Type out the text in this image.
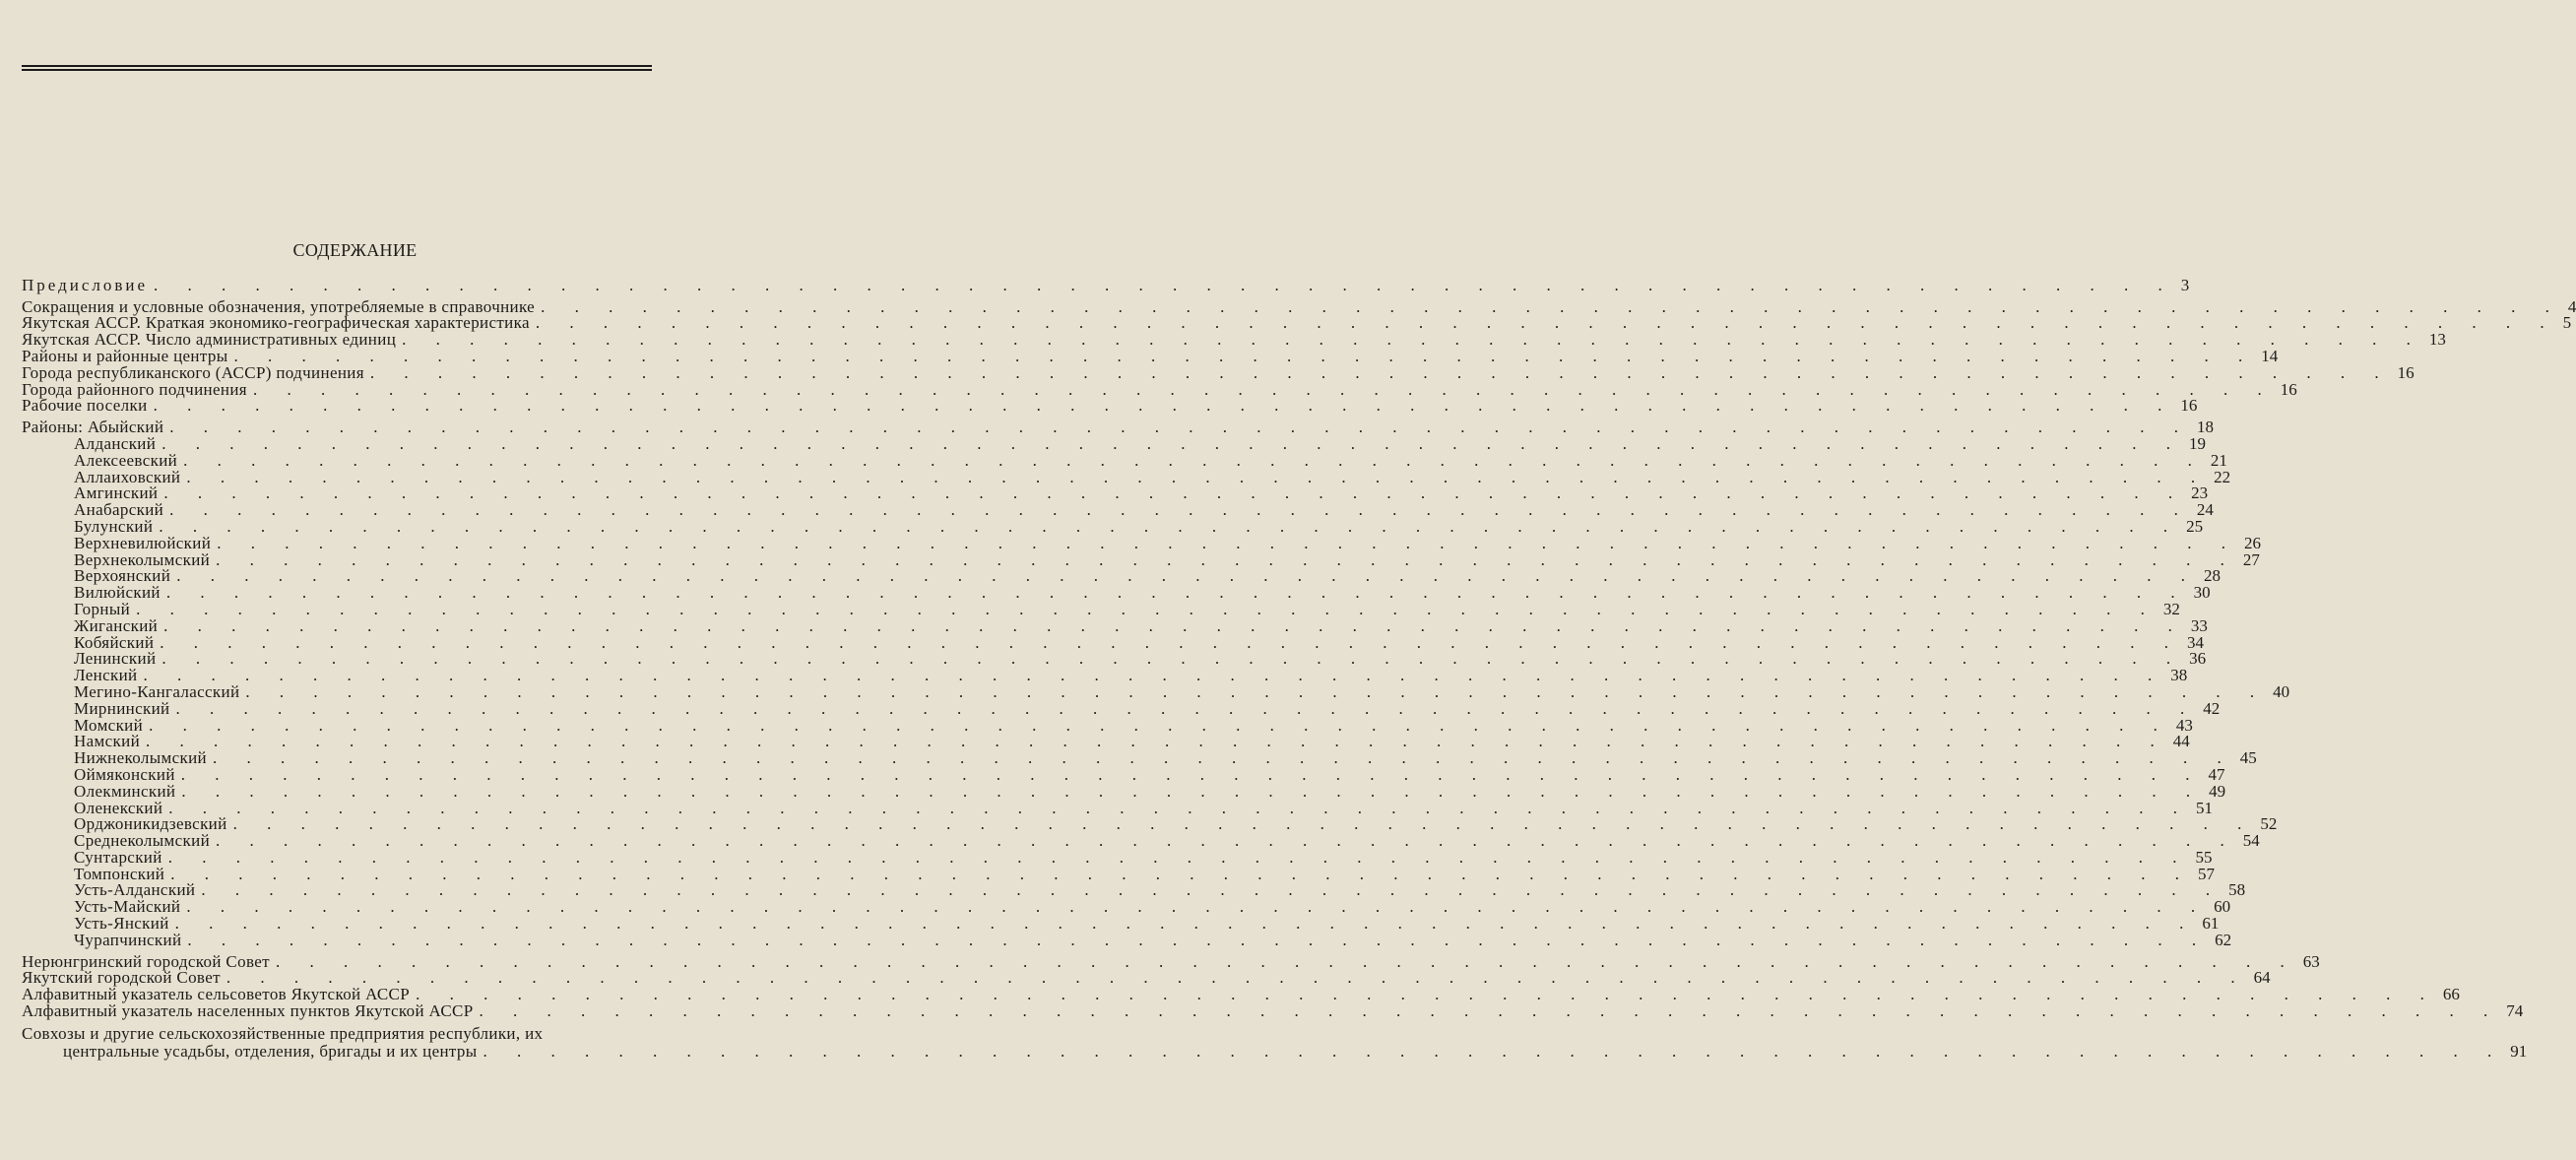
СОДЕРЖАНИЕ
Предисловие . . . . . . . . . . . . . . . . . . . . . . . . . . . . . . . . . . . . . . . . . . . . . . . . . . . . . . . . . . . . 3
Сокращения и условные обозначения, употребляемые в справочнике . . . . . . . . . . . . . . . . . . . . . . . . . . . . . . . . . . . . . . . . . . . . . . . . . . . . . . . . . . . . 4
Якутская АССР. Краткая экономико-географическая характеристика . . . . . . . . . . . . . . . . . . . . . . . . . . . . . . . . . . . . . . . . . . . . . . . . . . . . . . . . . . . . 5
Якутская АССР. Число административных единиц . . . . . . . . . . . . . . . . . . . . . . . . . . . . . . . . . . . . . . . . . . . . . . . . . . . . . . . . . . . . 13
Районы и районные центры . . . . . . . . . . . . . . . . . . . . . . . . . . . . . . . . . . . . . . . . . . . . . . . . . . . . . . . . . . . . 14
Города республиканского (АССР) подчинения . . . . . . . . . . . . . . . . . . . . . . . . . . . . . . . . . . . . . . . . . . . . . . . . . . . . . . . . . . . . 16
Города районного подчинения . . . . . . . . . . . . . . . . . . . . . . . . . . . . . . . . . . . . . . . . . . . . . . . . . . . . . . . . . . . . 16
Рабочие поселки . . . . . . . . . . . . . . . . . . . . . . . . . . . . . . . . . . . . . . . . . . . . . . . . . . . . . . . . . . . . 16
Районы: Абыйский . . . . . . . . . . . . . . . . . . . . . . . . . . . . . . . . . . . . . . . . . . . . . . . . . . . . . . . . . . . . 18
Алданский . . . . . . . . . . . . . . . . . . . . . . . . . . . . . . . . . . . . . . . . . . . . . . . . . . . . . . . . . . . . 19
Алексеевский . . . . . . . . . . . . . . . . . . . . . . . . . . . . . . . . . . . . . . . . . . . . . . . . . . . . . . . . . . . . 21
Аллаиховский . . . . . . . . . . . . . . . . . . . . . . . . . . . . . . . . . . . . . . . . . . . . . . . . . . . . . . . . . . . . 22
Амгинский . . . . . . . . . . . . . . . . . . . . . . . . . . . . . . . . . . . . . . . . . . . . . . . . . . . . . . . . . . . . 23
Анабарский . . . . . . . . . . . . . . . . . . . . . . . . . . . . . . . . . . . . . . . . . . . . . . . . . . . . . . . . . . . . 24
Булунский . . . . . . . . . . . . . . . . . . . . . . . . . . . . . . . . . . . . . . . . . . . . . . . . . . . . . . . . . . . . 25
Верхневилюйский . . . . . . . . . . . . . . . . . . . . . . . . . . . . . . . . . . . . . . . . . . . . . . . . . . . . . . . . . . . . 26
Верхнеколымский . . . . . . . . . . . . . . . . . . . . . . . . . . . . . . . . . . . . . . . . . . . . . . . . . . . . . . . . . . . . 27
Верхоянский . . . . . . . . . . . . . . . . . . . . . . . . . . . . . . . . . . . . . . . . . . . . . . . . . . . . . . . . . . . . 28
Вилюйский . . . . . . . . . . . . . . . . . . . . . . . . . . . . . . . . . . . . . . . . . . . . . . . . . . . . . . . . . . . . 30
Горный . . . . . . . . . . . . . . . . . . . . . . . . . . . . . . . . . . . . . . . . . . . . . . . . . . . . . . . . . . . . 32
Жиганский . . . . . . . . . . . . . . . . . . . . . . . . . . . . . . . . . . . . . . . . . . . . . . . . . . . . . . . . . . . . 33
Кобяйский . . . . . . . . . . . . . . . . . . . . . . . . . . . . . . . . . . . . . . . . . . . . . . . . . . . . . . . . . . . . 34
Ленинский . . . . . . . . . . . . . . . . . . . . . . . . . . . . . . . . . . . . . . . . . . . . . . . . . . . . . . . . . . . . 36
Ленский . . . . . . . . . . . . . . . . . . . . . . . . . . . . . . . . . . . . . . . . . . . . . . . . . . . . . . . . . . . . 38
Мегино-Кангаласский . . . . . . . . . . . . . . . . . . . . . . . . . . . . . . . . . . . . . . . . . . . . . . . . . . . . . . . . . . . . 40
Мирнинский . . . . . . . . . . . . . . . . . . . . . . . . . . . . . . . . . . . . . . . . . . . . . . . . . . . . . . . . . . . . 42
Момский . . . . . . . . . . . . . . . . . . . . . . . . . . . . . . . . . . . . . . . . . . . . . . . . . . . . . . . . . . . . 43
Намский . . . . . . . . . . . . . . . . . . . . . . . . . . . . . . . . . . . . . . . . . . . . . . . . . . . . . . . . . . . . 44
Нижнеколымский . . . . . . . . . . . . . . . . . . . . . . . . . . . . . . . . . . . . . . . . . . . . . . . . . . . . . . . . . . . . 45
Оймяконский . . . . . . . . . . . . . . . . . . . . . . . . . . . . . . . . . . . . . . . . . . . . . . . . . . . . . . . . . . . . 47
Олекминский . . . . . . . . . . . . . . . . . . . . . . . . . . . . . . . . . . . . . . . . . . . . . . . . . . . . . . . . . . . . 49
Оленекский . . . . . . . . . . . . . . . . . . . . . . . . . . . . . . . . . . . . . . . . . . . . . . . . . . . . . . . . . . . . 51
Орджоникидзевский . . . . . . . . . . . . . . . . . . . . . . . . . . . . . . . . . . . . . . . . . . . . . . . . . . . . . . . . . . . . 52
Среднеколымский . . . . . . . . . . . . . . . . . . . . . . . . . . . . . . . . . . . . . . . . . . . . . . . . . . . . . . . . . . . . 54
Сунтарский . . . . . . . . . . . . . . . . . . . . . . . . . . . . . . . . . . . . . . . . . . . . . . . . . . . . . . . . . . . . 55
Томпонский . . . . . . . . . . . . . . . . . . . . . . . . . . . . . . . . . . . . . . . . . . . . . . . . . . . . . . . . . . . . 57
Усть-Алданский . . . . . . . . . . . . . . . . . . . . . . . . . . . . . . . . . . . . . . . . . . . . . . . . . . . . . . . . . . . . 58
Усть-Майский . . . . . . . . . . . . . . . . . . . . . . . . . . . . . . . . . . . . . . . . . . . . . . . . . . . . . . . . . . . . 60
Усть-Янский . . . . . . . . . . . . . . . . . . . . . . . . . . . . . . . . . . . . . . . . . . . . . . . . . . . . . . . . . . . . 61
Чурапчинский . . . . . . . . . . . . . . . . . . . . . . . . . . . . . . . . . . . . . . . . . . . . . . . . . . . . . . . . . . . . 62
Нерюнгринский городской Совет . . . . . . . . . . . . . . . . . . . . . . . . . . . . . . . . . . . . . . . . . . . . . . . . . . . . . . . . . . . . 63
Якутский городской Совет . . . . . . . . . . . . . . . . . . . . . . . . . . . . . . . . . . . . . . . . . . . . . . . . . . . . . . . . . . . . 64
Алфавитный указатель сельсоветов Якутской АССР . . . . . . . . . . . . . . . . . . . . . . . . . . . . . . . . . . . . . . . . . . . . . . . . . . . . . . . . . . . . 66
Алфавитный указатель населенных пунктов Якутской АССР . . . . . . . . . . . . . . . . . . . . . . . . . . . . . . . . . . . . . . . . . . . . . . . . . . . . . . . . . . . . 74
Совхозы и другие сельскохозяйственные предприятия республики, их
центральные усадьбы, отделения, бригады и их центры . . . . . . . . . . . . . . . . . . . . . . . . . . . . . . . . . . . . . . . . . . . . . . . . . . . . . . . . . . . . 91
